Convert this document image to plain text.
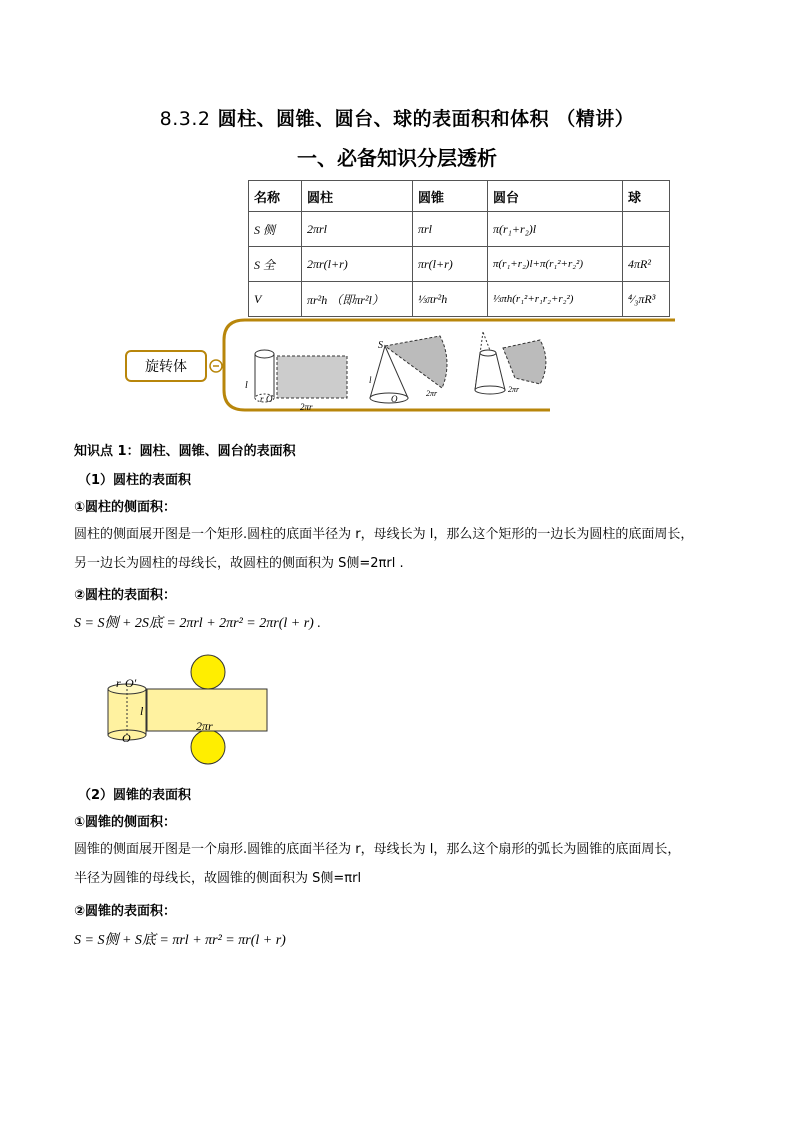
8.3.2 圆柱、圆锥、圆台、球的表面积和体积 （精讲）
一、必备知识分层透析
名称	圆柱	圆锥	圆台	球
S 侧	2πrl	πrl	π(r₁+r₂)l	
S 全	2πr(l+r)	πr(l+r)	π(r₁+r₂)l+π(r₁²+r₂²)	4πR²
V	πr²h （即πr²l）	⅓πr²h	⅓πh(r₁²+r₁r₂+r₂²)	⁴⁄₃πR³
旋转体
l
r O
2πr
S
l
O
2πr	2πr
知识点 1：圆柱、圆锥、圆台的表面积
（1）圆柱的表面积
①圆柱的侧面积：
圆柱的侧面展开图是一个矩形.圆柱的底面半径为 r，母线长为 l，那么这个矩形的一边长为圆柱的底面周长，
另一边长为圆柱的母线长，故圆柱的侧面积为 S侧=2πrl .
②圆柱的表面积：
S = S侧 + 2S底 = 2πrl + 2πr² = 2πr(l + r) .
r O′
l
O
2πr
（2）圆锥的表面积
①圆锥的侧面积：
圆锥的侧面展开图是一个扇形.圆锥的底面半径为 r，母线长为 l，那么这个扇形的弧长为圆锥的底面周长，
半径为圆锥的母线长，故圆锥的侧面积为 S侧=πrl
②圆锥的表面积：
S = S侧 + S底 = πrl + πr² = πr(l + r)
